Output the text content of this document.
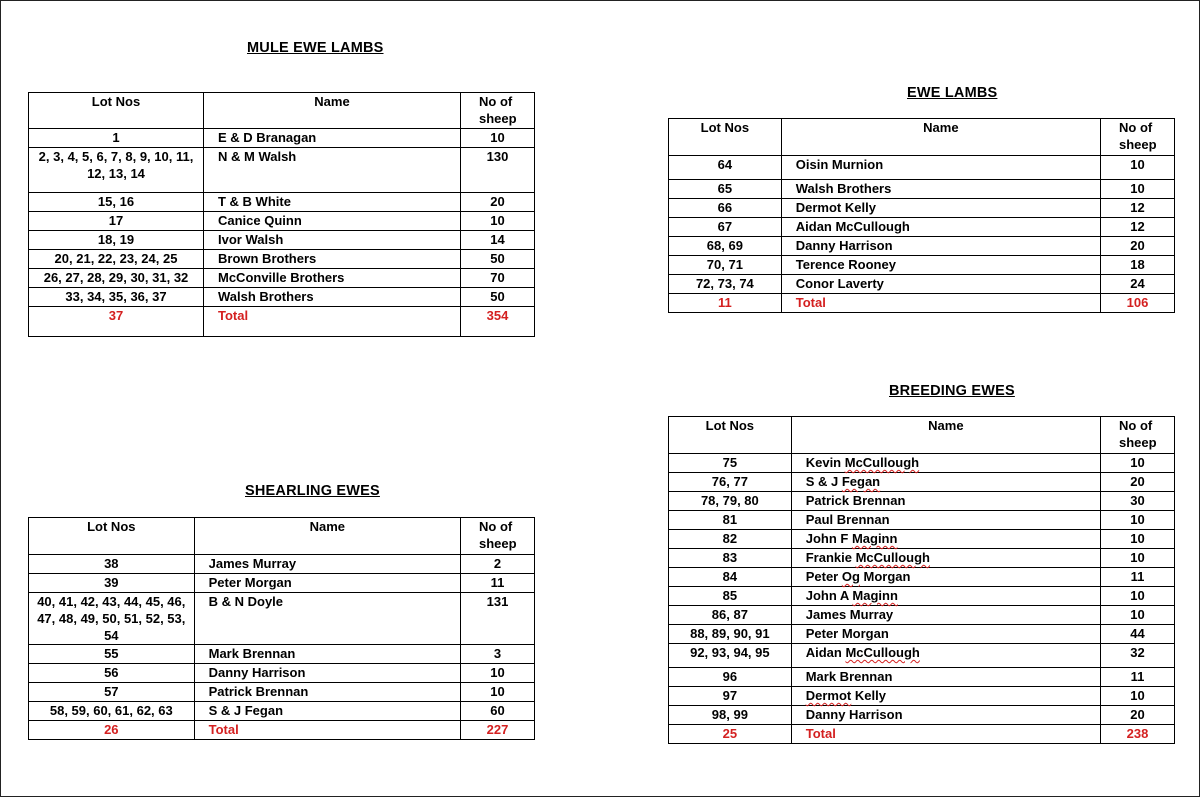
MULE EWE LAMBS
Lot Nos	Name	No of sheep
1	E & D Branagan	10
2, 3, 4, 5, 6, 7, 8, 9, 10, 11, 12, 13, 14	N & M Walsh	130
15, 16	T & B White	20
17	Canice Quinn	10
18, 19	Ivor Walsh	14
20, 21, 22, 23, 24, 25	Brown Brothers	50
26, 27, 28, 29, 30, 31, 32	McConville Brothers	70
33, 34, 35, 36, 37	Walsh Brothers	50
37	Total	354
EWE LAMBS
Lot Nos	Name	No of sheep
64	Oisin Murnion	10
65	Walsh Brothers	10
66	Dermot Kelly	12
67	Aidan McCullough	12
68, 69	Danny Harrison	20
70, 71	Terence Rooney	18
72, 73, 74	Conor Laverty	24
11	Total	106
SHEARLING EWES
Lot Nos	Name	No of sheep
38	James Murray	2
39	Peter Morgan	11
40, 41, 42, 43, 44, 45, 46, 47, 48, 49, 50, 51, 52, 53, 54	B & N Doyle	131
55	Mark Brennan	3
56	Danny Harrison	10
57	Patrick Brennan	10
58, 59, 60, 61, 62, 63	S & J Fegan	60
26	Total	227
BREEDING EWES
Lot Nos	Name	No of sheep
75	Kevin McCullough	10
76, 77	S & J Fegan	20
78, 79, 80	Patrick Brennan	30
81	Paul Brennan	10
82	John F Maginn	10
83	Frankie McCullough	10
84	Peter Og Morgan	11
85	John A Maginn	10
86, 87	James Murray	10
88, 89, 90, 91	Peter Morgan	44
92, 93, 94, 95	Aidan McCullough	32
96	Mark Brennan	11
97	Dermot Kelly	10
98, 99	Danny Harrison	20
25	Total	238
